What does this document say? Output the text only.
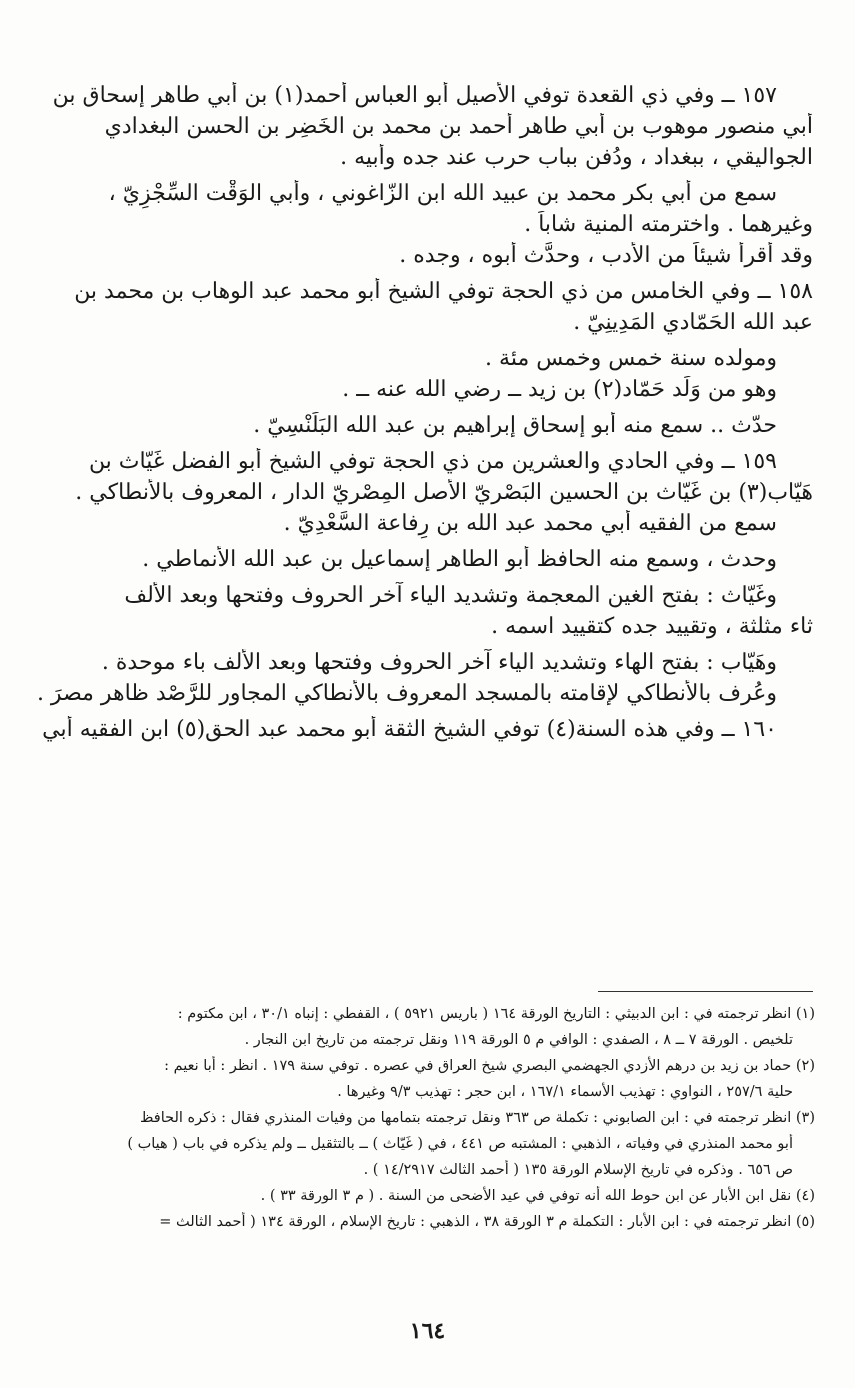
١٥٧ ــ وفي ذي القعدة توفي الأصيل أبو العباس أحمد(١) بن أبي طاهر إسحاق بن
أبي منصور موهوب بن أبي طاهر أحمد بن محمد بن الخَضِر بن الحسن البغدادي
الجواليقي ، ببغداد ، ودُفن بباب حرب عند جده وأبيه .
سمع من أبي بكر محمد بن عبيد الله ابن الزّاغوني ، وأبي الوَقْت السِّجْزِيّ ،
وغيرهما . واخترمته المنية شاباً .
وقد أقرأ شيئاً من الأدب ، وحدَّث أبوه ، وجده .
١٥٨ ــ وفي الخامس من ذي الحجة توفي الشيخ أبو محمد عبد الوهاب بن محمد بن
عبد الله الحَمّادي المَدِينِيّ .
ومولده سنة خمس وخمس مئة .
وهو من وَلَد حَمّاد(٢) بن زيد ــ رضي الله عنه ــ .
حدّث .. سمع منه أبو إسحاق إبراهيم بن عبد الله البَلَنْسِيّ .
١٥٩ ــ وفي الحادي والعشرين من ذي الحجة توفي الشيخ أبو الفضل غَيّاث بن
هَيّاب(٣) بن غَيّاث بن الحسين البَصْريّ الأصل المِصْريّ الدار ، المعروف بالأنطاكي .
سمع من الفقيه أبي محمد عبد الله بن رِفاعة السَّعْدِيّ .
وحدث ، وسمع منه الحافظ أبو الطاهر إسماعيل بن عبد الله الأنماطي .
وغَيّاث : بفتح الغين المعجمة وتشديد الياء آخر الحروف وفتحها وبعد الألف
ثاء مثلثة ، وتقييد جده كتقييد اسمه .
وهَيّاب : بفتح الهاء وتشديد الياء آخر الحروف وفتحها وبعد الألف باء موحدة .
وعُرف بالأنطاكي لإقامته بالمسجد المعروف بالأنطاكي المجاور للرَّصْد ظاهر مصرَ .
١٦٠ ــ وفي هذه السنة(٤) توفي الشيخ الثقة أبو محمد عبد الحق(٥) ابن الفقيه أبي
(١) انظر ترجمته في : ابن الدبيثي : التاريخ الورقة ١٦٤ ( باريس ٥٩٢١ ) ، القفطي : إنباه ٣٠/١ ، ابن مكتوم :
تلخيص . الورقة ٧ ــ ٨ ، الصفدي : الوافي م ٥ الورقة ١١٩ ونقل ترجمته من تاريخ ابن النجار .
(٢) حماد بن زيد بن درهم الأزدي الجهضمي البصري شيخ العراق في عصره . توفي سنة ١٧٩ . انظر : أبا نعيم :
حلية ٢٥٧/٦ ، النواوي : تهذيب الأسماء ١٦٧/١ ، ابن حجر : تهذيب ٩/٣ وغيرها .
(٣) انظر ترجمته في : ابن الصابوني : تكملة ص ٣٦٣ ونقل ترجمته بتمامها من وفيات المنذري فقال : ذكره الحافظ
أبو محمد المنذري في وفياته ، الذهبي : المشتبه ص ٤٤١ ، في ( غَيّاث ) ــ بالتثقيل ــ ولم يذكره في باب ( هياب )
ص ٦٥٦ . وذكره في تاريخ الإسلام الورقة ١٣٥ ( أحمد الثالث ١٤/٢٩١٧ ) .
(٤) نقل ابن الأبار عن ابن حوط الله أنه توفي في عيد الأضحى من السنة . ( م ٣ الورقة ٣٣ ) .
(٥) انظر ترجمته في : ابن الأبار : التكملة م ٣ الورقة ٣٨ ، الذهبي : تاريخ الإسلام ، الورقة ١٣٤ ( أحمد الثالث =
١٦٤
